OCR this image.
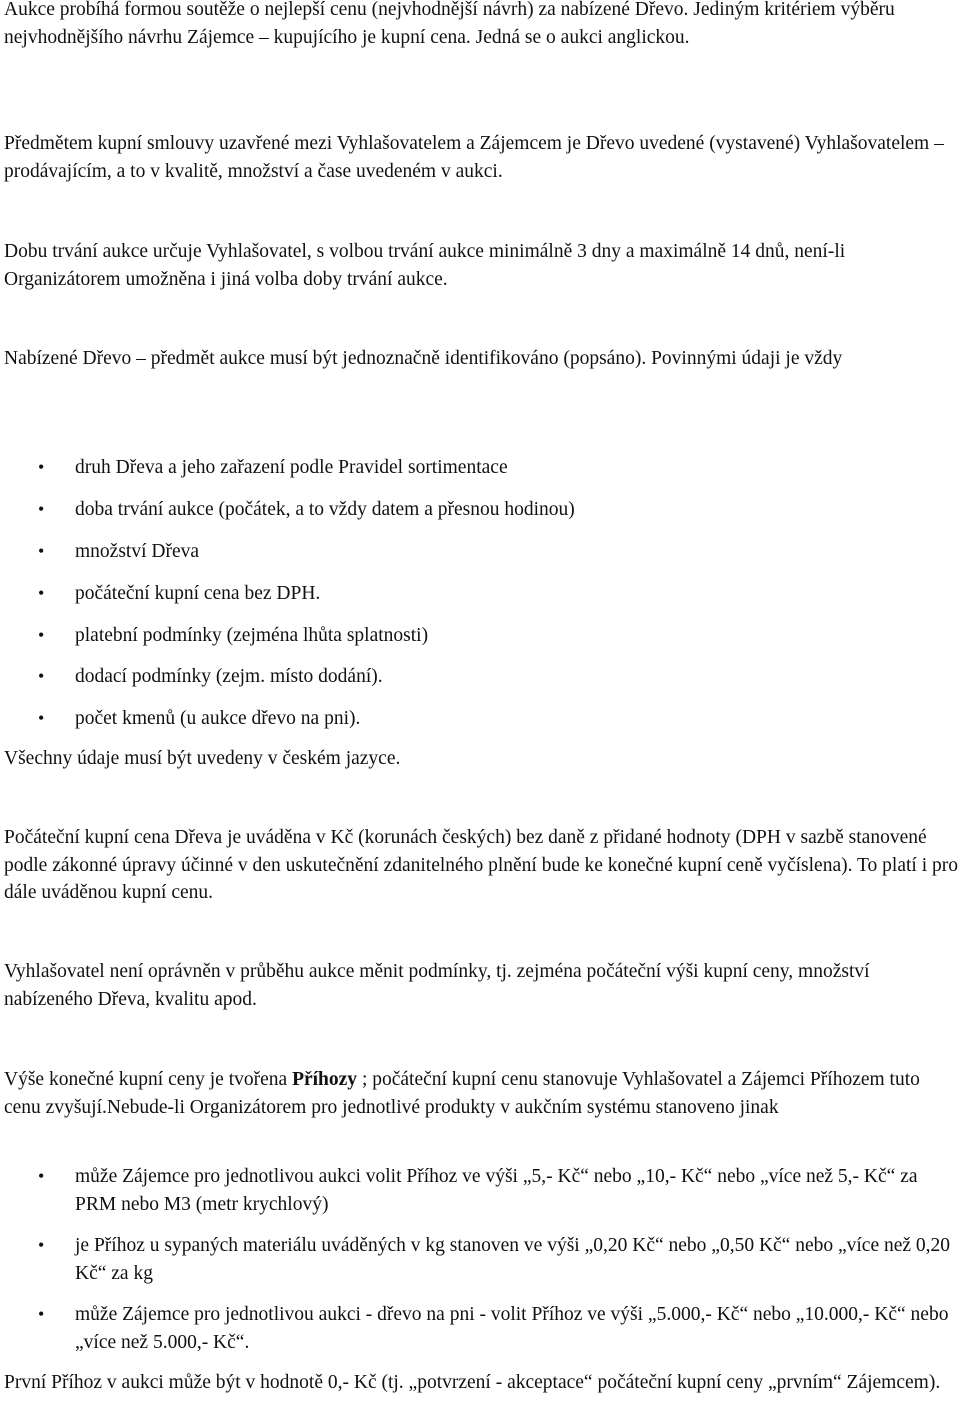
Aukce probíhá formou soutěže o nejlepší cenu (nejvhodnější návrh) za nabízené Dřevo. Jediným kritériem výběru nejvhodnějšího návrhu Zájemce – kupujícího je kupní cena. Jedná se o aukci anglickou.

Předmětem kupní smlouvy uzavřené mezi Vyhlašovatelem a Zájemcem je Dřevo uvedené (vystavené) Vyhlašovatelem – prodávajícím, a to v kvalitě, množství a čase uvedeném v aukci.

Dobu trvání aukce určuje Vyhlašovatel, s volbou trvání aukce minimálně 3 dny a maximálně 14 dnů, není-li Organizátorem umožněna i jiná volba doby trvání aukce.

Nabízené Dřevo – předmět aukce musí být jednoznačně identifikováno (popsáno). Povinnými údaji je vždy

• druh Dřeva a jeho zařazení podle Pravidel sortimentace
• doba trvání aukce (počátek, a to vždy datem a přesnou hodinou)
• množství Dřeva
• počáteční kupní cena bez DPH.
• platební podmínky (zejména lhůta splatnosti)
• dodací podmínky (zejm. místo dodání).
• počet kmenů (u aukce dřevo na pni).

Všechny údaje musí být uvedeny v českém jazyce.

Počáteční kupní cena Dřeva je uváděna v Kč (korunách českých) bez daně z přidané hodnoty (DPH v sazbě stanovené podle zákonné úpravy účinné v den uskutečnění zdanitelného plnění bude ke konečné kupní ceně vyčíslena). To platí i pro dále uváděnou kupní cenu.

Vyhlašovatel není oprávněn v průběhu aukce měnit podmínky, tj. zejména počáteční výši kupní ceny, množství nabízeného Dřeva, kvalitu apod.

Výše konečné kupní ceny je tvořena Příhozy ; počáteční kupní cenu stanovuje Vyhlašovatel a Zájemci Příhozem tuto cenu zvyšují.Nebude-li Organizátorem pro jednotlivé produkty v aukčním systému stanoveno jinak

• může Zájemce pro jednotlivou aukci volit Příhoz ve výši „5,- Kč“ nebo „10,- Kč“ nebo „více než 5,- Kč“ za PRM nebo M3 (metr krychlový)
• je Příhoz u sypaných materiálu uváděných v kg stanoven ve výši „0,20 Kč“ nebo „0,50 Kč“ nebo „více než 0,20 Kč“ za kg
• může Zájemce pro jednotlivou aukci - dřevo na pni - volit Příhoz ve výši „5.000,- Kč“ nebo „10.000,- Kč“ nebo „více než 5.000,- Kč“.

První Příhoz v aukci může být v hodnotě 0,- Kč (tj. „potvrzení - akceptace“ počáteční kupní ceny „prvním“ Zájemcem).
